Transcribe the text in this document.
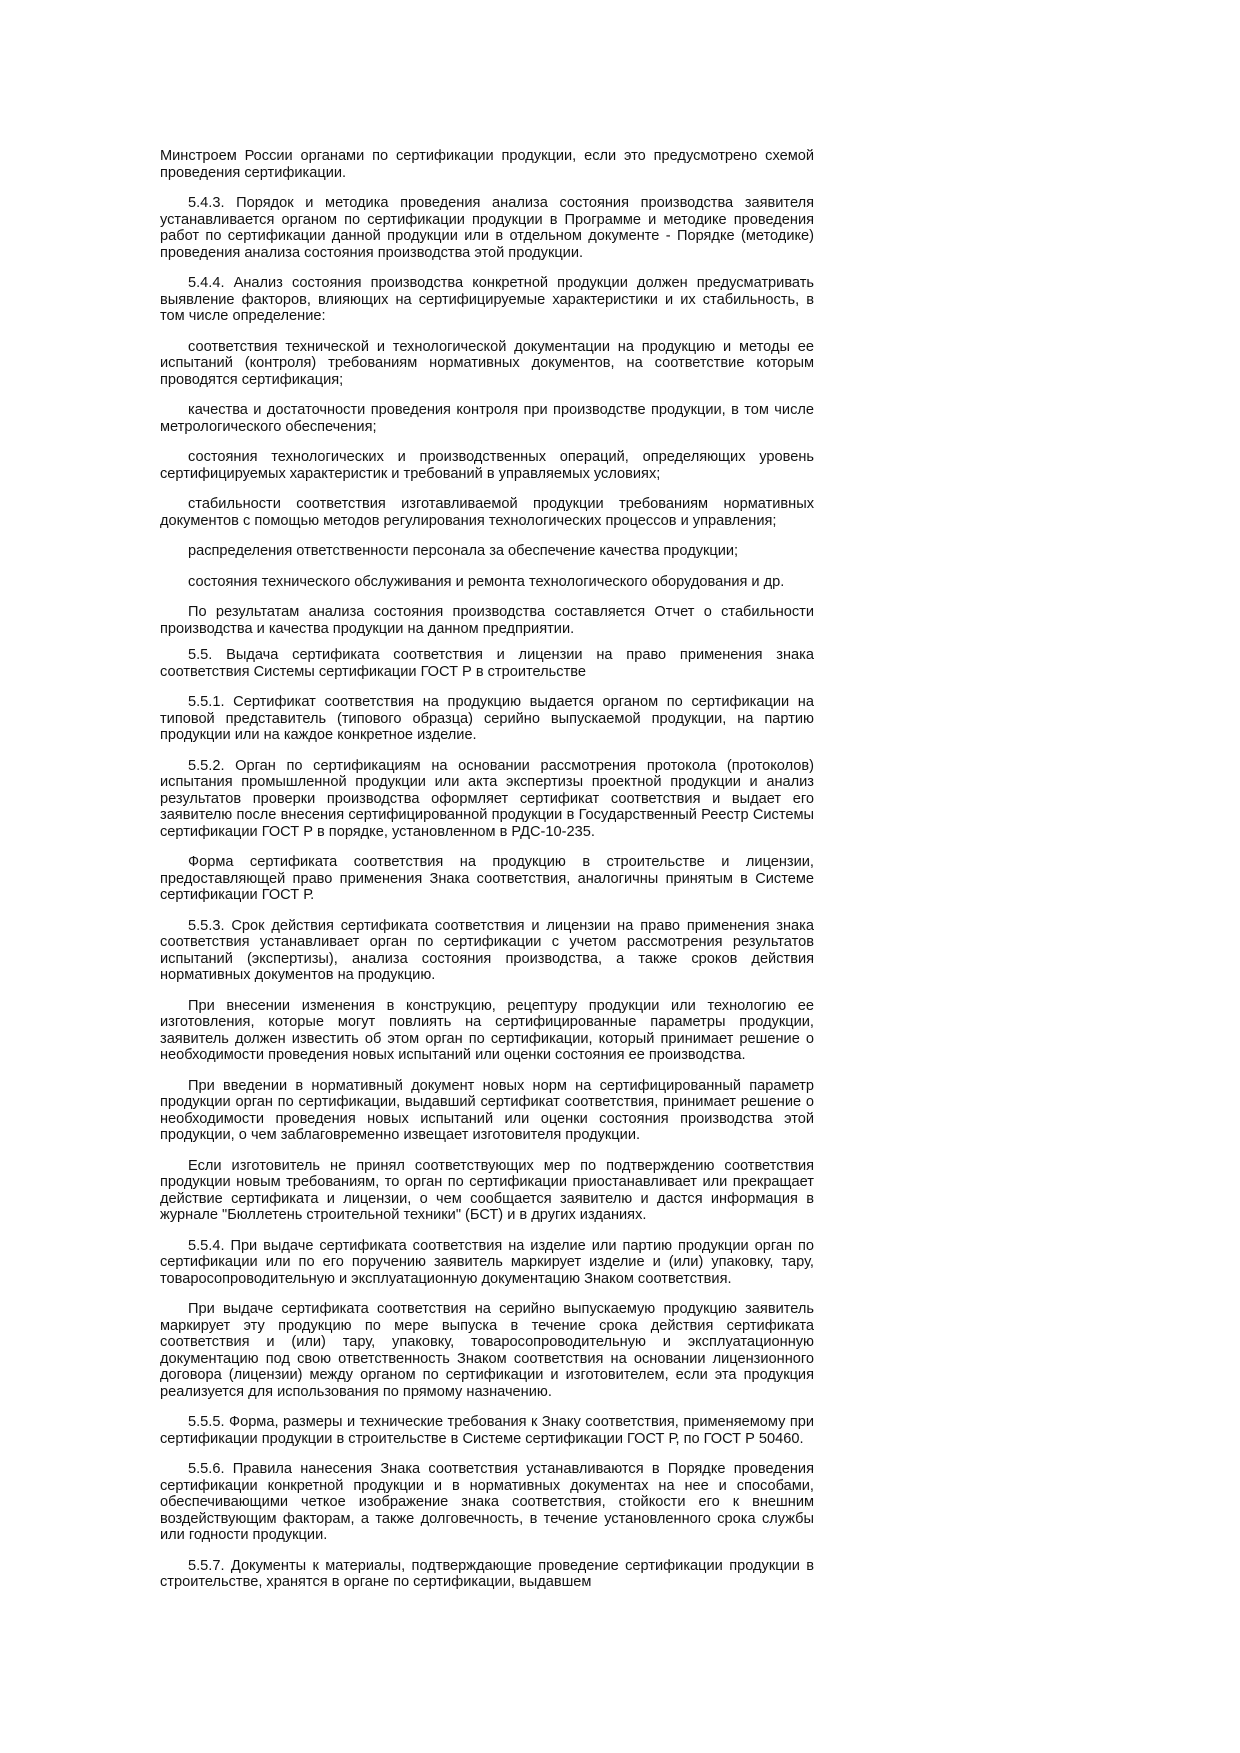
Минстроем России органами по сертификации продукции, если это предусмотрено схемой проведения сертификации.

5.4.3. Порядок и методика проведения анализа состояния производства заявителя устанавливается органом по сертификации продукции в Программе и методике проведения работ по сертификации данной продукции или в отдельном документе - Порядке (методике) проведения анализа состояния производства этой продукции.

5.4.4. Анализ состояния производства конкретной продукции должен предусматривать выявление факторов, влияющих на сертифицируемые характеристики и их стабильность, в том числе определение:

соответствия технической и технологической документации на продукцию и методы ее испытаний (контроля) требованиям нормативных документов, на соответствие которым проводятся сертификация;

качества и достаточности проведения контроля при производстве продукции, в том числе метрологического обеспечения;

состояния технологических и производственных операций, определяющих уровень сертифицируемых характеристик и требований в управляемых условиях;

стабильности соответствия изготавливаемой продукции требованиям нормативных документов с помощью методов регулирования технологических процессов и управления;

распределения ответственности персонала за обеспечение качества продукции;

состояния технического обслуживания и ремонта технологического оборудования и др.

По результатам анализа состояния производства составляется Отчет о стабильности производства и качества продукции на данном предприятии.

5.5. Выдача сертификата соответствия и лицензии на право применения знака соответствия Системы сертификации ГОСТ Р в строительстве

5.5.1. Сертификат соответствия на продукцию выдается органом по сертификации на типовой представитель (типового образца) серийно выпускаемой продукции, на партию продукции или на каждое конкретное изделие.

5.5.2. Орган по сертификациям на основании рассмотрения протокола (протоколов) испытания промышленной продукции или акта экспертизы проектной продукции и анализ результатов проверки производства оформляет сертификат соответствия и выдает его заявителю после внесения сертифицированной продукции в Государственный Реестр Системы сертификации ГОСТ Р в порядке, установленном в РДС-10-235.

Форма сертификата соответствия на продукцию в строительстве и лицензии, предоставляющей право применения Знака соответствия, аналогичны принятым в Системе сертификации ГОСТ Р.

5.5.3. Срок действия сертификата соответствия и лицензии на право применения знака соответствия устанавливает орган по сертификации с учетом рассмотрения результатов испытаний (экспертизы), анализа состояния производства, а также сроков действия нормативных документов на продукцию.

При внесении изменения в конструкцию, рецептуру продукции или технологию ее изготовления, которые могут повлиять на сертифицированные параметры продукции, заявитель должен известить об этом орган по сертификации, который принимает решение о необходимости проведения новых испытаний или оценки состояния ее производства.

При введении в нормативный документ новых норм на сертифицированный параметр продукции орган по сертификации, выдавший сертификат соответствия, принимает решение о необходимости проведения новых испытаний или оценки состояния производства этой продукции, о чем заблаговременно извещает изготовителя продукции.

Если изготовитель не принял соответствующих мер по подтверждению соответствия продукции новым требованиям, то орган по сертификации приостанавливает или прекращает действие сертификата и лицензии, о чем сообщается заявителю и дастся информация в журнале "Бюллетень строительной техники" (БСТ) и в других изданиях.

5.5.4. При выдаче сертификата соответствия на изделие или партию продукции орган по сертификации или по его поручению заявитель маркирует изделие и (или) упаковку, тару, товаросопроводительную и эксплуатационную документацию Знаком соответствия.

При выдаче сертификата соответствия на серийно выпускаемую продукцию заявитель маркирует эту продукцию по мере выпуска в течение срока действия сертификата соответствия и (или) тару, упаковку, товаросопроводительную и эксплуатационную документацию под свою ответственность Знаком соответствия на основании лицензионного договора (лицензии) между органом по сертификации и изготовителем, если эта продукция реализуется для использования по прямому назначению.

5.5.5. Форма, размеры и технические требования к Знаку соответствия, применяемому при сертификации продукции в строительстве в Системе сертификации ГОСТ Р, по ГОСТ Р 50460.

5.5.6. Правила нанесения Знака соответствия устанавливаются в Порядке проведения сертификации конкретной продукции и в нормативных документах на нее и способами, обеспечивающими четкое изображение знака соответствия, стойкости его к внешним воздействующим факторам, а также долговечность, в течение установленного срока службы или годности продукции.

5.5.7. Документы к материалы, подтверждающие проведение сертификации продукции в строительстве, хранятся в органе по сертификации, выдавшем
